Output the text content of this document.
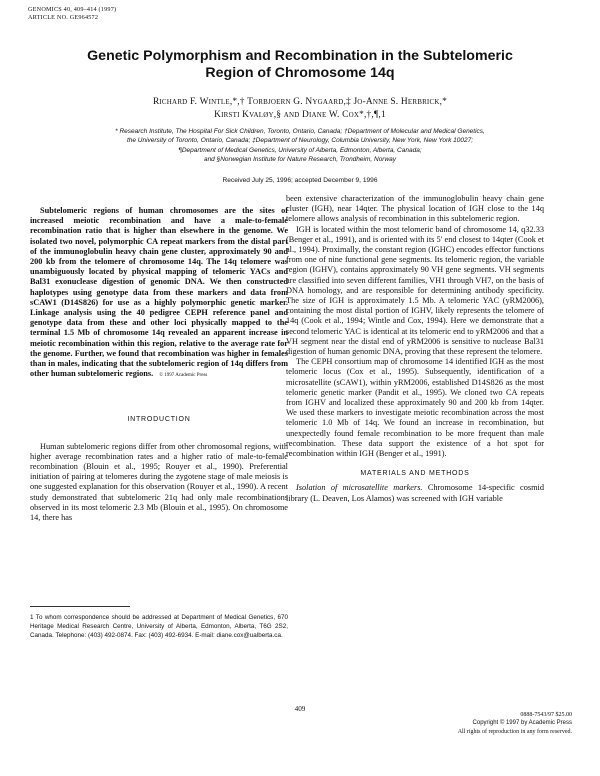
GENOMICS 40, 409–414 (1997)
ARTICLE NO. GE964572
Genetic Polymorphism and Recombination in the Subtelomeric
Region of Chromosome 14q
Richard F. Wintle,*,† Torbjoern G. Nygaard,‡ Jo-Anne S. Herbrick,*
Kirsti Kvaløy,§ and Diane W. Cox*,†,¶,1
* Research Institute, The Hospital For Sick Children, Toronto, Ontario, Canada; †Department of Molecular and Medical Genetics,
the University of Toronto, Ontario, Canada; ‡Department of Neurology, Columbia University, New York, New York 10027;
¶Department of Medical Genetics, University of Alberta, Edmonton, Alberta, Canada;
and §Norwegian Institute for Nature Research, Trondheim, Norway
Received July 25, 1996; accepted December 9, 1996

Subtelomeric regions of human chromosomes are the sites of increased meiotic recombination and have a male-to-female recombination ratio that is higher than elsewhere in the genome. We isolated two novel, polymorphic CA repeat markers from the distal part of the immunoglobulin heavy chain gene cluster, approximately 90 and 200 kb from the telomere of chromosome 14q. The 14q telomere was unambiguously located by physical mapping of telomeric YACs and Bal31 exonuclease digestion of genomic DNA. We then constructed haplotypes using genotype data from these markers and data from sCAW1 (D14S826) for use as a highly polymorphic genetic marker. Linkage analysis using the 40 pedigree CEPH reference panel and genotype data from these and other loci physically mapped to the terminal 1.5 Mb of chromosome 14q revealed an apparent increase in meiotic recombination within this region, relative to the average rate for the genome. Further, we found that recombination was higher in females than in males, indicating that the subtelomeric region of 14q differs from other human subtelomeric regions. © 1997 Academic Press

INTRODUCTION

Human subtelomeric regions differ from other chromosomal regions, with higher average recombination rates and a higher ratio of male-to-female recombination (Blouin et al., 1995; Rouyer et al., 1990). Preferential initiation of pairing at telomeres during the zygotene stage of male meiosis is one suggested explanation for this observation (Rouyer et al., 1990). A recent study demonstrated that subtelomeric 21q had only male recombinations observed in its most telomeric 2.3 Mb (Blouin et al., 1995). On chromosome 14, there has

1 To whom correspondence should be addressed at Department of Medical Genetics, 670 Heritage Medical Research Centre, University of Alberta, Edmonton, Alberta, T6G 2S2, Canada. Telephone: (403) 492-0874. Fax: (403) 492-6934. E-mail: diane.cox@ualberta.ca.

been extensive characterization of the immunoglobulin heavy chain gene cluster (IGH), near 14qter. The physical location of IGH close to the 14q telomere allows analysis of recombination in this subtelomeric region.

IGH is located within the most telomeric band of chromosome 14, q32.33 (Benger et al., 1991), and is oriented with its 5′ end closest to 14qter (Cook et al., 1994). Proximally, the constant region (IGHC) encodes effector functions from one of nine functional gene segments. Its telomeric region, the variable region (IGHV), contains approximately 90 VH gene segments. VH segments are classified into seven different families, VH1 through VH7, on the basis of DNA homology, and are responsible for determining antibody specificity. The size of IGH is approximately 1.5 Mb. A telomeric YAC (yRM2006), containing the most distal portion of IGHV, likely represents the telomere of 14q (Cook et al., 1994; Wintle and Cox, 1994). Here we demonstrate that a second telomeric YAC is identical at its telomeric end to yRM2006 and that a VH segment near the distal end of yRM2006 is sensitive to nuclease Bal31 digestion of human genomic DNA, proving that these represent the telomere.

The CEPH consortium map of chromosome 14 identified IGH as the most telomeric locus (Cox et al., 1995). Subsequently, identification of a microsatellite (sCAW1), within yRM2006, established D14S826 as the most telomeric genetic marker (Pandit et al., 1995). We cloned two CA repeats from IGHV and localized these approximately 90 and 200 kb from 14qter. We used these markers to investigate meiotic recombination across the most telomeric 1.0 Mb of 14q. We found an increase in recombination, but unexpectedly found female recombination to be more frequent than male recombination. These data support the existence of a hot spot for recombination within IGH (Benger et al., 1991).

MATERIALS AND METHODS

Isolation of microsatellite markers. Chromosome 14-specific cosmid library (L. Deaven, Los Alamos) was screened with IGH variable

409
0888-7543/97 $25.00
Copyright © 1997 by Academic Press
All rights of reproduction in any form reserved.
